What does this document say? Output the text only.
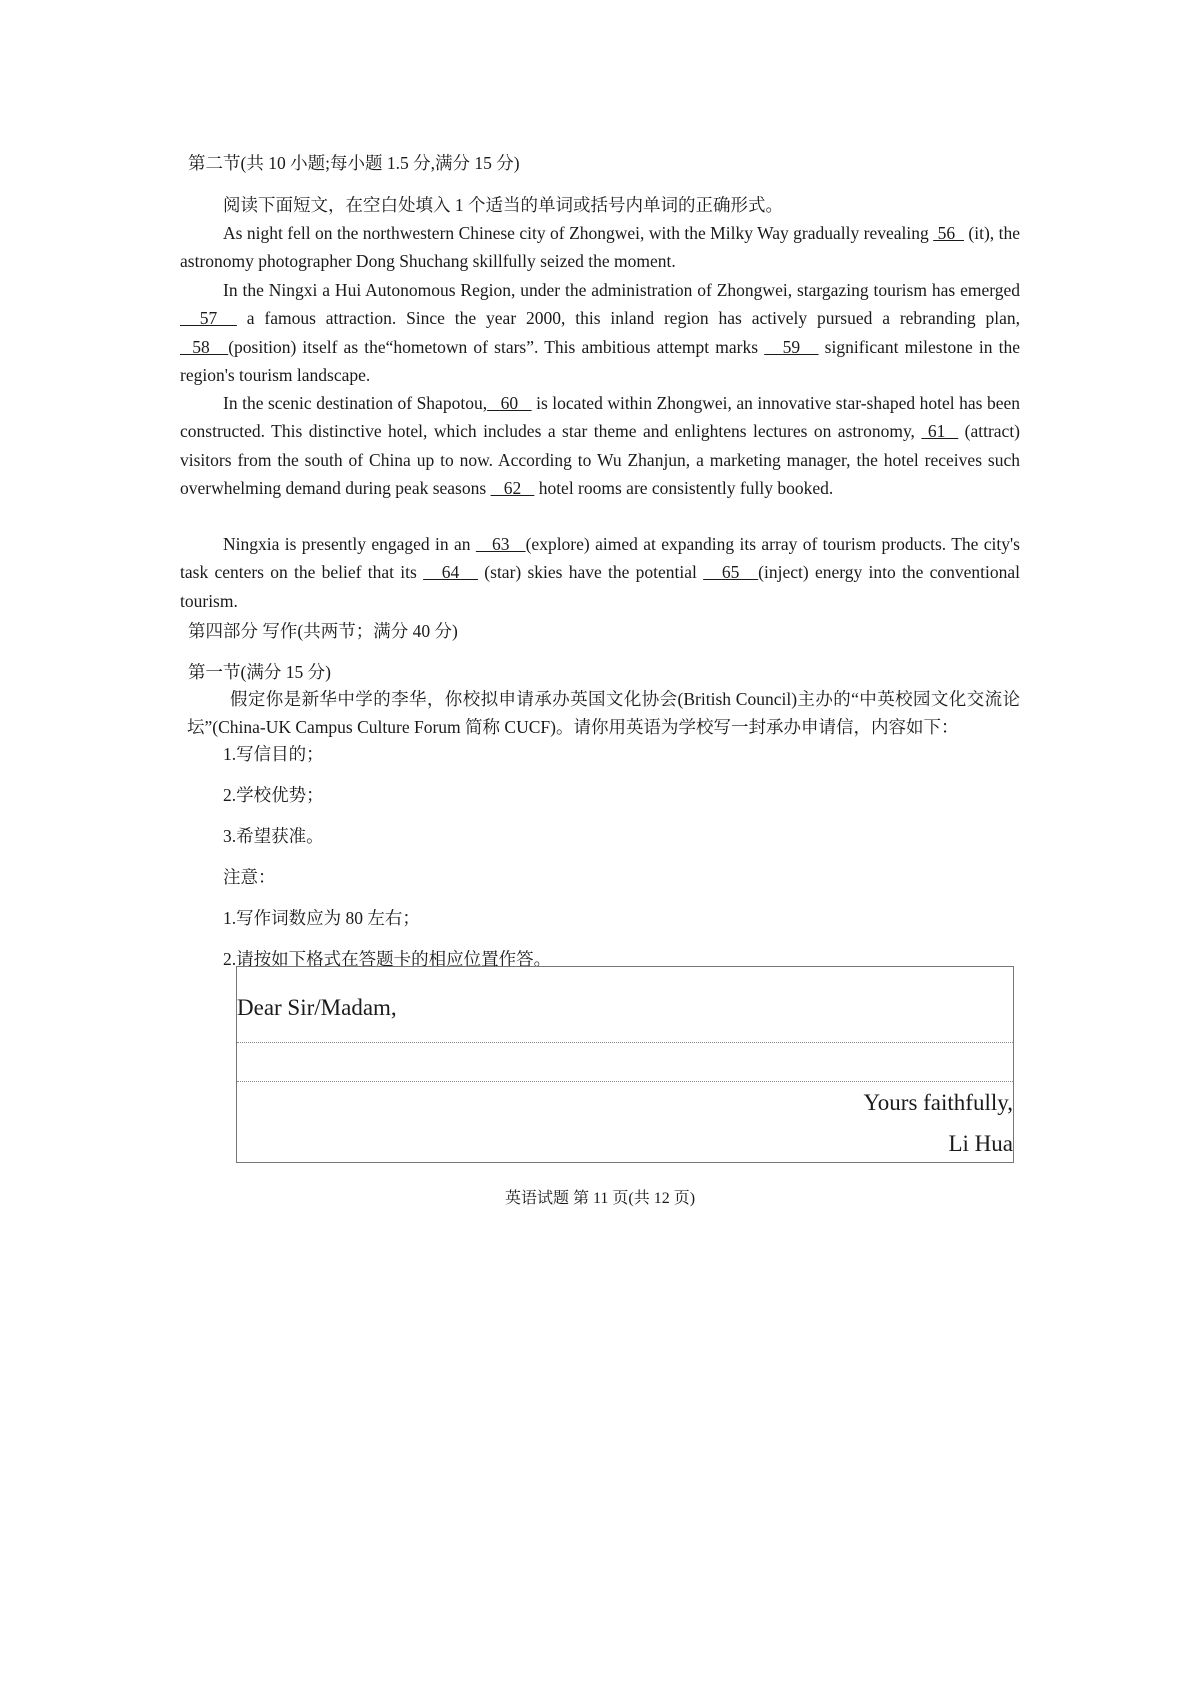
第二节(共 10 小题;每小题 1.5 分,满分 15 分)
阅读下面短文，在空白处填入 1 个适当的单词或括号内单词的正确形式。
As night fell on the northwestern Chinese city of Zhongwei, with the Milky Way gradually revealing  56   (it), the astronomy photographer Dong Shuchang skillfully seized the moment.
In the Ningxi a Hui Autonomous Region, under the administration of Zhongwei, stargazing tourism has emerged   57   a famous attraction. Since the year 2000, this inland region has actively pursued a rebranding plan,   58   (position) itself as the“hometown of stars”. This ambitious attempt marks    59    significant milestone in the region's tourism landscape.
In the scenic destination of Shapotou,   60    is located within Zhongwei, an innovative star-shaped hotel has been constructed. This distinctive hotel, which includes a star theme and enlightens lectures on astronomy,  61   (attract) visitors from the south of China up to now. According to Wu Zhanjun, a marketing manager, the hotel receives such overwhelming demand during peak seasons    62    hotel rooms are consistently fully booked.
Ningxia is presently engaged in an    63   (explore) aimed at expanding its array of tourism products. The city's task centers on the belief that its    64    (star) skies have the potential    65   (inject) energy into the conventional tourism.
第四部分 写作(共两节；满分 40 分)
第一节(满分 15 分)
假定你是新华中学的李华，你校拟申请承办英国文化协会(British Council)主办的“中英校园文化交流论坛”(China-UK Campus Culture Forum 简称 CUCF)。请你用英语为学校写一封承办申请信，内容如下：
1.写信目的；
2.学校优势；
3.希望获准。
注意：
1.写作词数应为 80 左右；
2.请按如下格式在答题卡的相应位置作答。
Dear Sir/Madam,
Yours faithfully,
Li Hua
英语试题 第 11 页(共 12 页)
